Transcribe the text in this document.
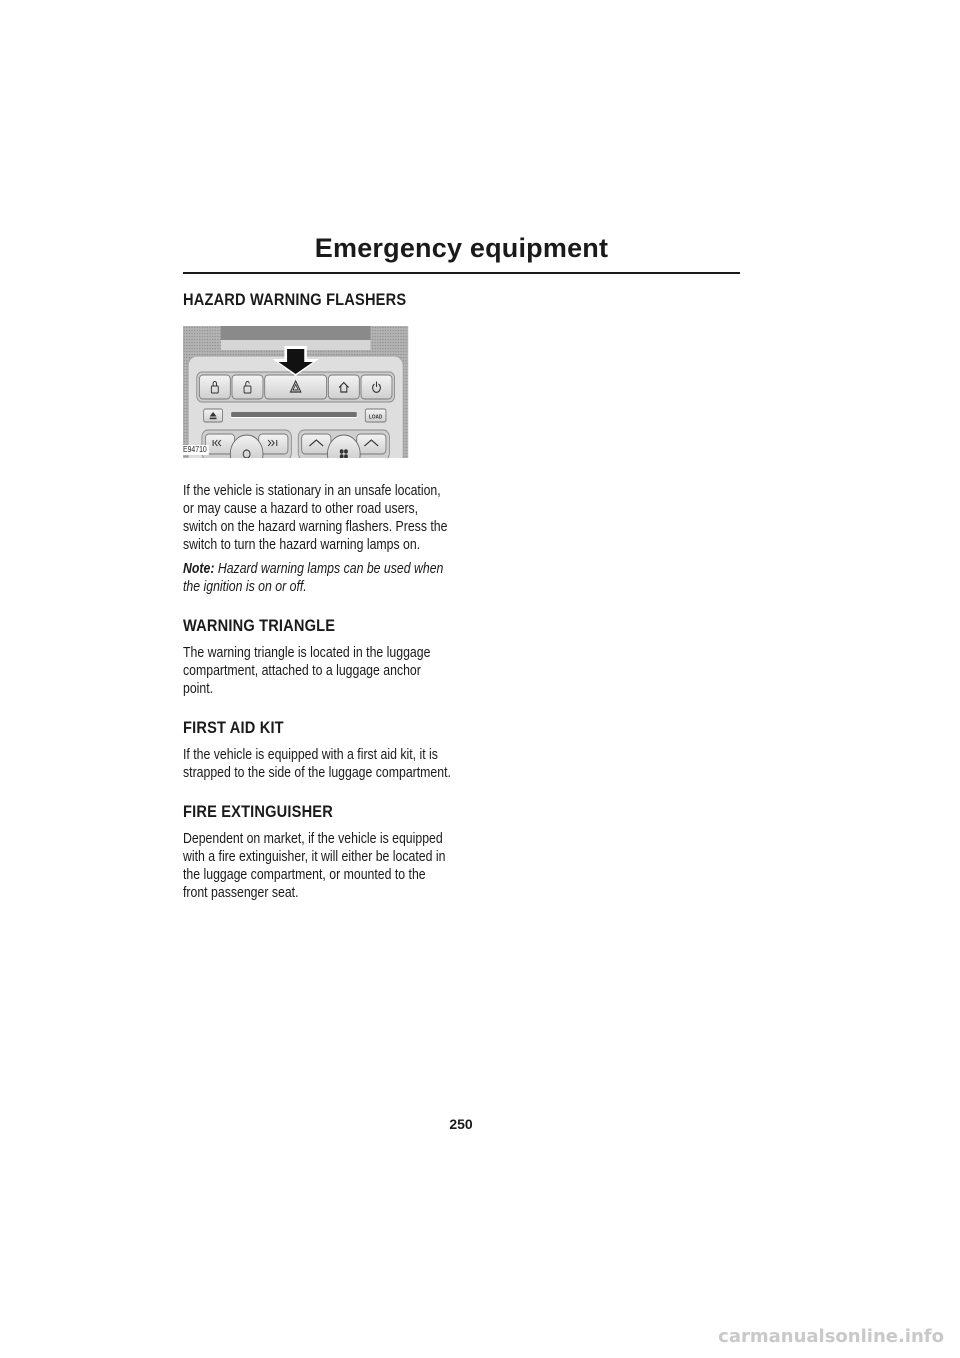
Emergency equipment
HAZARD WARNING FLASHERS
LOAD
E94710

If the vehicle is stationary in an unsafe location, or may cause a hazard to other road users, switch on the hazard warning flashers. Press the switch to turn the hazard warning lamps on.

Note: Hazard warning lamps can be used when the ignition is on or off.

WARNING TRIANGLE

The warning triangle is located in the luggage compartment, attached to a luggage anchor point.

FIRST AID KIT

If the vehicle is equipped with a first aid kit, it is strapped to the side of the luggage compartment.

FIRE EXTINGUISHER

Dependent on market, if the vehicle is equipped with a fire extinguisher, it will either be located in the luggage compartment, or mounted to the front passenger seat.

250
carmanualsonline.info
